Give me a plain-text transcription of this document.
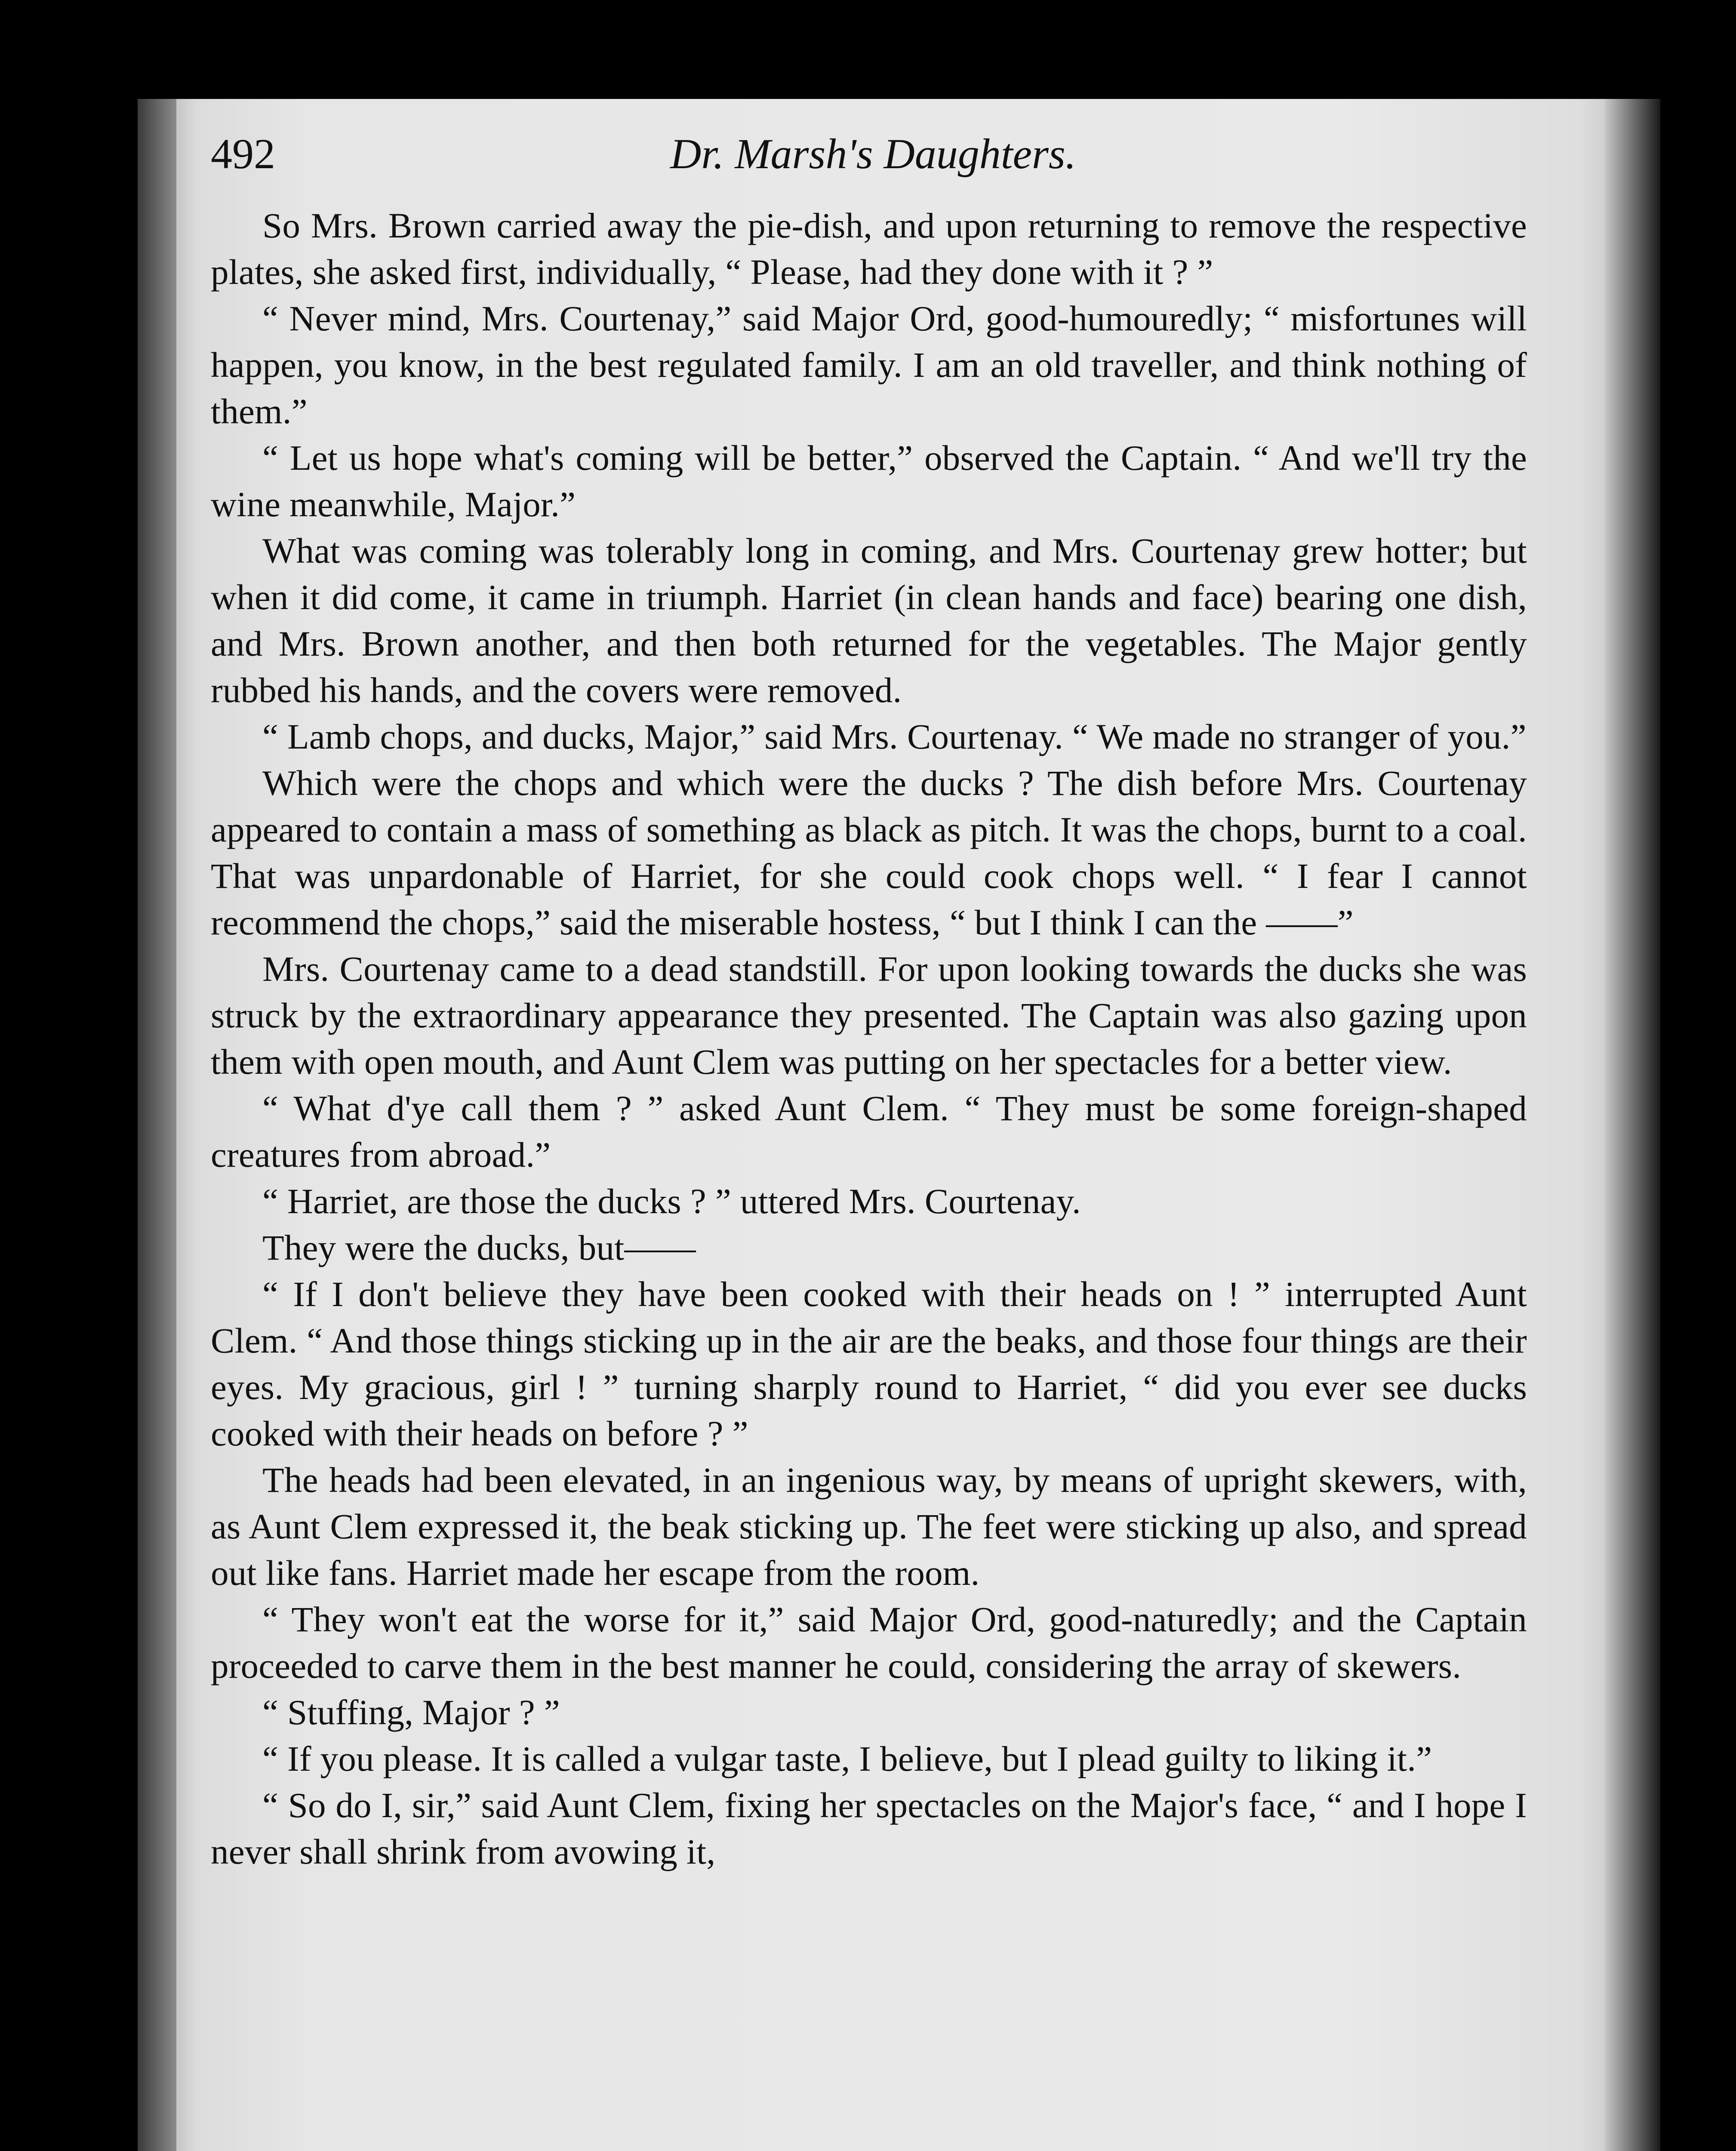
492	Dr. Marsh's Daughters.

So Mrs. Brown carried away the pie-dish, and upon returning to remove the respective plates, she asked first, individually, “ Please, had they done with it ? ”

“ Never mind, Mrs. Courtenay,” said Major Ord, good-humouredly; “ misfortunes will happen, you know, in the best regulated family. I am an old traveller, and think nothing of them.”

“ Let us hope what's coming will be better,” observed the Captain. “ And we'll try the wine meanwhile, Major.”

What was coming was tolerably long in coming, and Mrs. Courtenay grew hotter; but when it did come, it came in triumph. Harriet (in clean hands and face) bearing one dish, and Mrs. Brown another, and then both returned for the vegetables. The Major gently rubbed his hands, and the covers were removed.

“ Lamb chops, and ducks, Major,” said Mrs. Courtenay. “ We made no stranger of you.”

Which were the chops and which were the ducks ? The dish before Mrs. Courtenay appeared to contain a mass of something as black as pitch. It was the chops, burnt to a coal. That was unpardonable of Harriet, for she could cook chops well. “ I fear I cannot recommend the chops,” said the miserable hostess, “ but I think I can the ——”

Mrs. Courtenay came to a dead standstill. For upon looking towards the ducks she was struck by the extraordinary appearance they presented. The Captain was also gazing upon them with open mouth, and Aunt Clem was putting on her spectacles for a better view.

“ What d'ye call them ? ” asked Aunt Clem. “ They must be some foreign-shaped creatures from abroad.”

“ Harriet, are those the ducks ? ” uttered Mrs. Courtenay.

They were the ducks, but——

“ If I don't believe they have been cooked with their heads on ! ” interrupted Aunt Clem. “ And those things sticking up in the air are the beaks, and those four things are their eyes. My gracious, girl ! ” turning sharply round to Harriet, “ did you ever see ducks cooked with their heads on before ? ”

The heads had been elevated, in an ingenious way, by means of upright skewers, with, as Aunt Clem expressed it, the beak sticking up. The feet were sticking up also, and spread out like fans. Harriet made her escape from the room.

“ They won't eat the worse for it,” said Major Ord, good-naturedly; and the Captain proceeded to carve them in the best manner he could, considering the array of skewers.

“ Stuffing, Major ? ”

“ If you please. It is called a vulgar taste, I believe, but I plead guilty to liking it.”

“ So do I, sir,” said Aunt Clem, fixing her spectacles on the Major's face, “ and I hope I never shall shrink from avowing it,
